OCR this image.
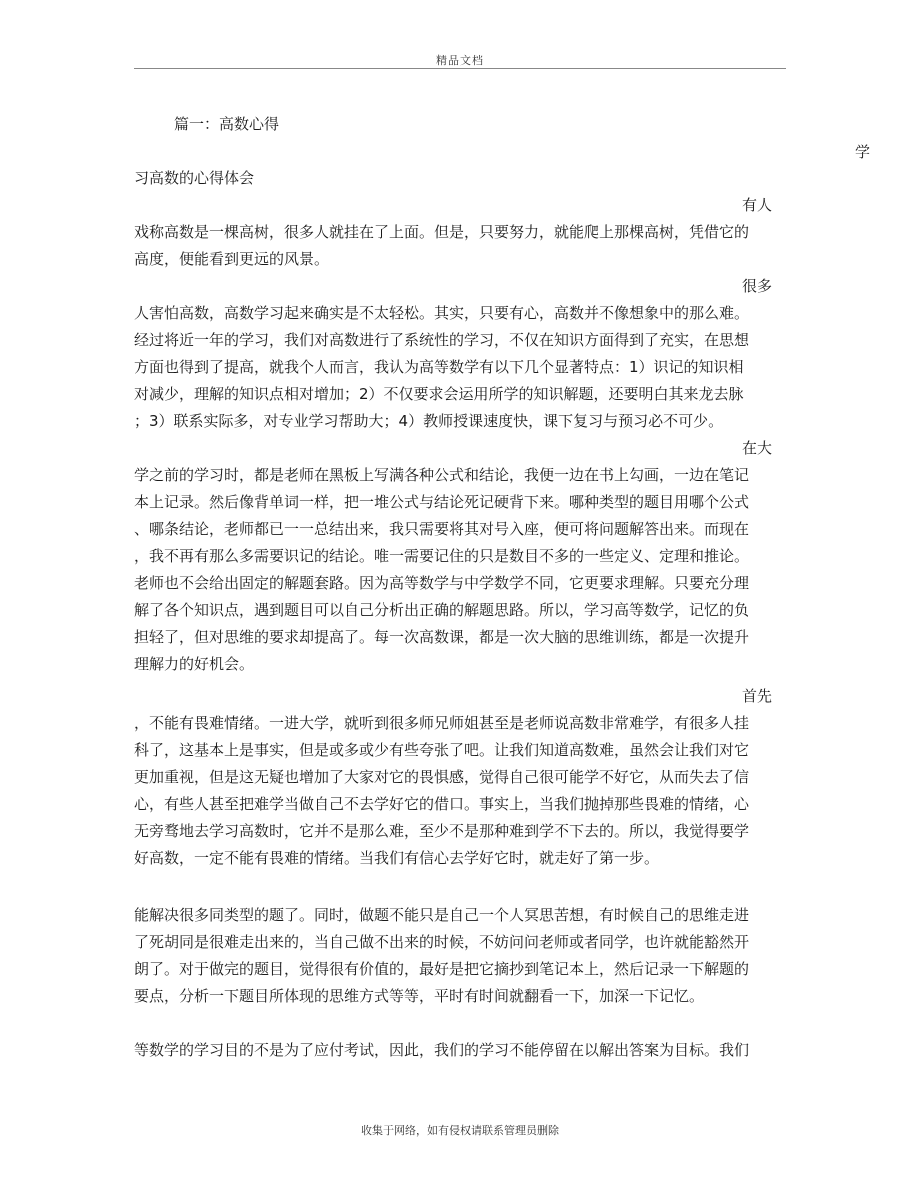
精品文档
篇一：高数心得
学
习高数的心得体会
有人
戏称高数是一棵高树，很多人就挂在了上面。但是，只要努力，就能爬上那棵高树，凭借它的
高度，便能看到更远的风景。
很多
人害怕高数，高数学习起来确实是不太轻松。其实，只要有心，高数并不像想象中的那么难。
经过将近一年的学习，我们对高数进行了系统性的学习，不仅在知识方面得到了充实，在思想
方面也得到了提高，就我个人而言，我认为高等数学有以下几个显著特点：1）识记的知识相
对减少，理解的知识点相对增加；2）不仅要求会运用所学的知识解题，还要明白其来龙去脉
；3）联系实际多，对专业学习帮助大；4）教师授课速度快，课下复习与预习必不可少。
在大
学之前的学习时，都是老师在黑板上写满各种公式和结论，我便一边在书上勾画，一边在笔记
本上记录。然后像背单词一样，把一堆公式与结论死记硬背下来。哪种类型的题目用哪个公式
、哪条结论，老师都已一一总结出来，我只需要将其对号入座，便可将问题解答出来。而现在
，我不再有那么多需要识记的结论。唯一需要记住的只是数目不多的一些定义、定理和推论。
老师也不会给出固定的解题套路。因为高等数学与中学数学不同，它更要求理解。只要充分理
解了各个知识点，遇到题目可以自己分析出正确的解题思路。所以，学习高等数学，记忆的负
担轻了，但对思维的要求却提高了。每一次高数课，都是一次大脑的思维训练，都是一次提升
理解力的好机会。
首先
，不能有畏难情绪。一进大学，就听到很多师兄师姐甚至是老师说高数非常难学，有很多人挂
科了，这基本上是事实，但是或多或少有些夸张了吧。让我们知道高数难，虽然会让我们对它
更加重视，但是这无疑也增加了大家对它的畏惧感，觉得自己很可能学不好它，从而失去了信
心，有些人甚至把难学当做自己不去学好它的借口。事实上，当我们抛掉那些畏难的情绪，心
无旁骛地去学习高数时，它并不是那么难，至少不是那种难到学不下去的。所以，我觉得要学
好高数，一定不能有畏难的情绪。当我们有信心去学好它时，就走好了第一步。
能解决很多同类型的题了。同时，做题不能只是自己一个人冥思苦想，有时候自己的思维走进
了死胡同是很难走出来的，当自己做不出来的时候，不妨问问老师或者同学，也许就能豁然开
朗了。对于做完的题目，觉得很有价值的，最好是把它摘抄到笔记本上，然后记录一下解题的
要点，分析一下题目所体现的思维方式等等，平时有时间就翻看一下，加深一下记忆。
等数学的学习目的不是为了应付考试，因此，我们的学习不能停留在以解出答案为目标。我们
收集于网络，如有侵权请联系管理员删除
